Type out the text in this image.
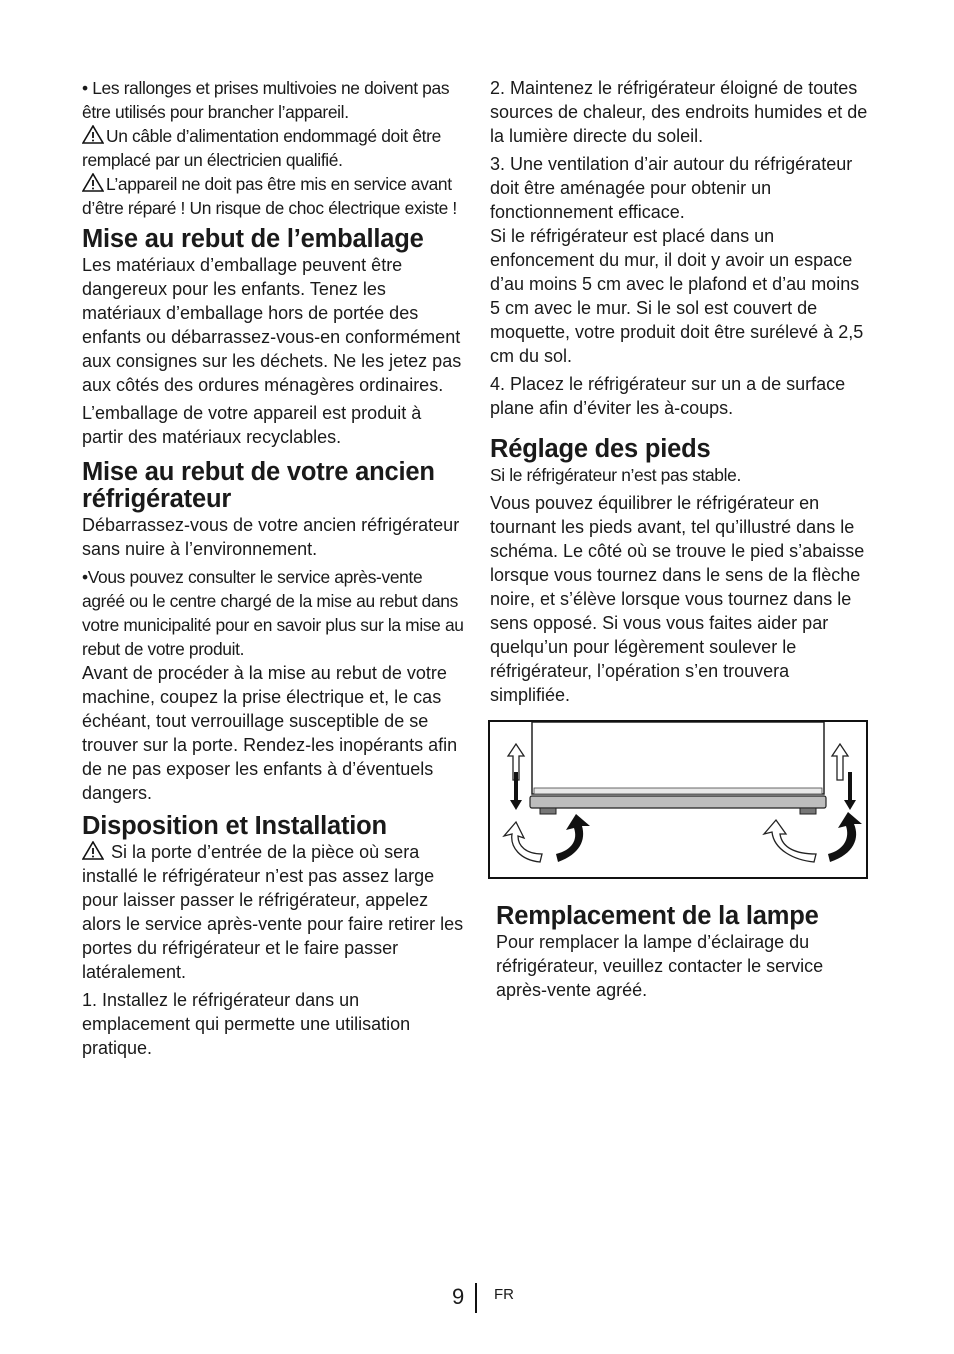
• Les rallonges et prises multivoies ne doivent pas être utilisés pour brancher l’appareil.

Un câble d’alimentation endommagé doit être remplacé par un électricien qualifié.

L’appareil ne doit pas être mis en service avant d’être réparé ! Un risque de choc électrique existe !

Mise au rebut de l’emballage

Les matériaux d’emballage peuvent être dangereux pour les enfants. Tenez les matériaux d’emballage hors de portée des enfants ou débarrassez-vous-en conformément aux consignes sur les déchets. Ne les jetez pas aux côtés des ordures ménagères ordinaires.

L’emballage de votre appareil est produit à partir des matériaux recyclables.

Mise au rebut de votre ancien réfrigérateur

Débarrassez-vous de votre ancien réfrigérateur sans nuire à l’environnement.

•Vous pouvez consulter le service après-vente agréé ou le centre chargé de la mise au rebut dans votre municipalité pour en savoir plus sur la mise au rebut de votre produit.

Avant de procéder à la mise au rebut de votre machine, coupez la prise électrique et, le cas échéant, tout verrouillage susceptible de se trouver sur la porte. Rendez-les inopérants afin de ne pas exposer les enfants à d’éventuels dangers.

Disposition et Installation

Si la porte d’entrée de la pièce où sera installé le réfrigérateur n’est pas assez large pour laisser passer le réfrigérateur, appelez alors le service après-vente pour faire retirer les portes du réfrigérateur et le faire passer latéralement.

1. Installez le réfrigérateur dans un emplacement qui permette une utilisation pratique.

2. Maintenez le réfrigérateur éloigné de toutes sources de chaleur, des endroits humides et de la lumière directe du soleil.

3. Une ventilation d’air autour du réfrigérateur doit être aménagée pour obtenir un fonctionnement efficace.

Si le réfrigérateur est placé dans un enfoncement du mur, il doit y avoir un espace d’au moins 5 cm avec le plafond et d’au moins 5 cm avec le mur. Si le sol est couvert de moquette, votre produit doit être surélevé à 2,5 cm du sol.

4. Placez le réfrigérateur sur un a de surface plane afin d’éviter les à-coups.

Réglage des pieds

Si le réfrigérateur n’est pas stable.

Vous pouvez équilibrer le réfrigérateur en tournant les pieds avant, tel qu’illustré dans le schéma. Le côté où se trouve le pied s’abaisse lorsque vous tournez dans le sens de la flèche noire, et s’élève lorsque vous tournez dans le sens opposé. Si vous vous faites aider par quelqu’un pour légèrement soulever le réfrigérateur, l’opération s’en trouvera simplifiée.

Remplacement de la lampe

Pour remplacer la lampe d’éclairage du réfrigérateur, veuillez contacter le service après-vente agréé.

9 FR
